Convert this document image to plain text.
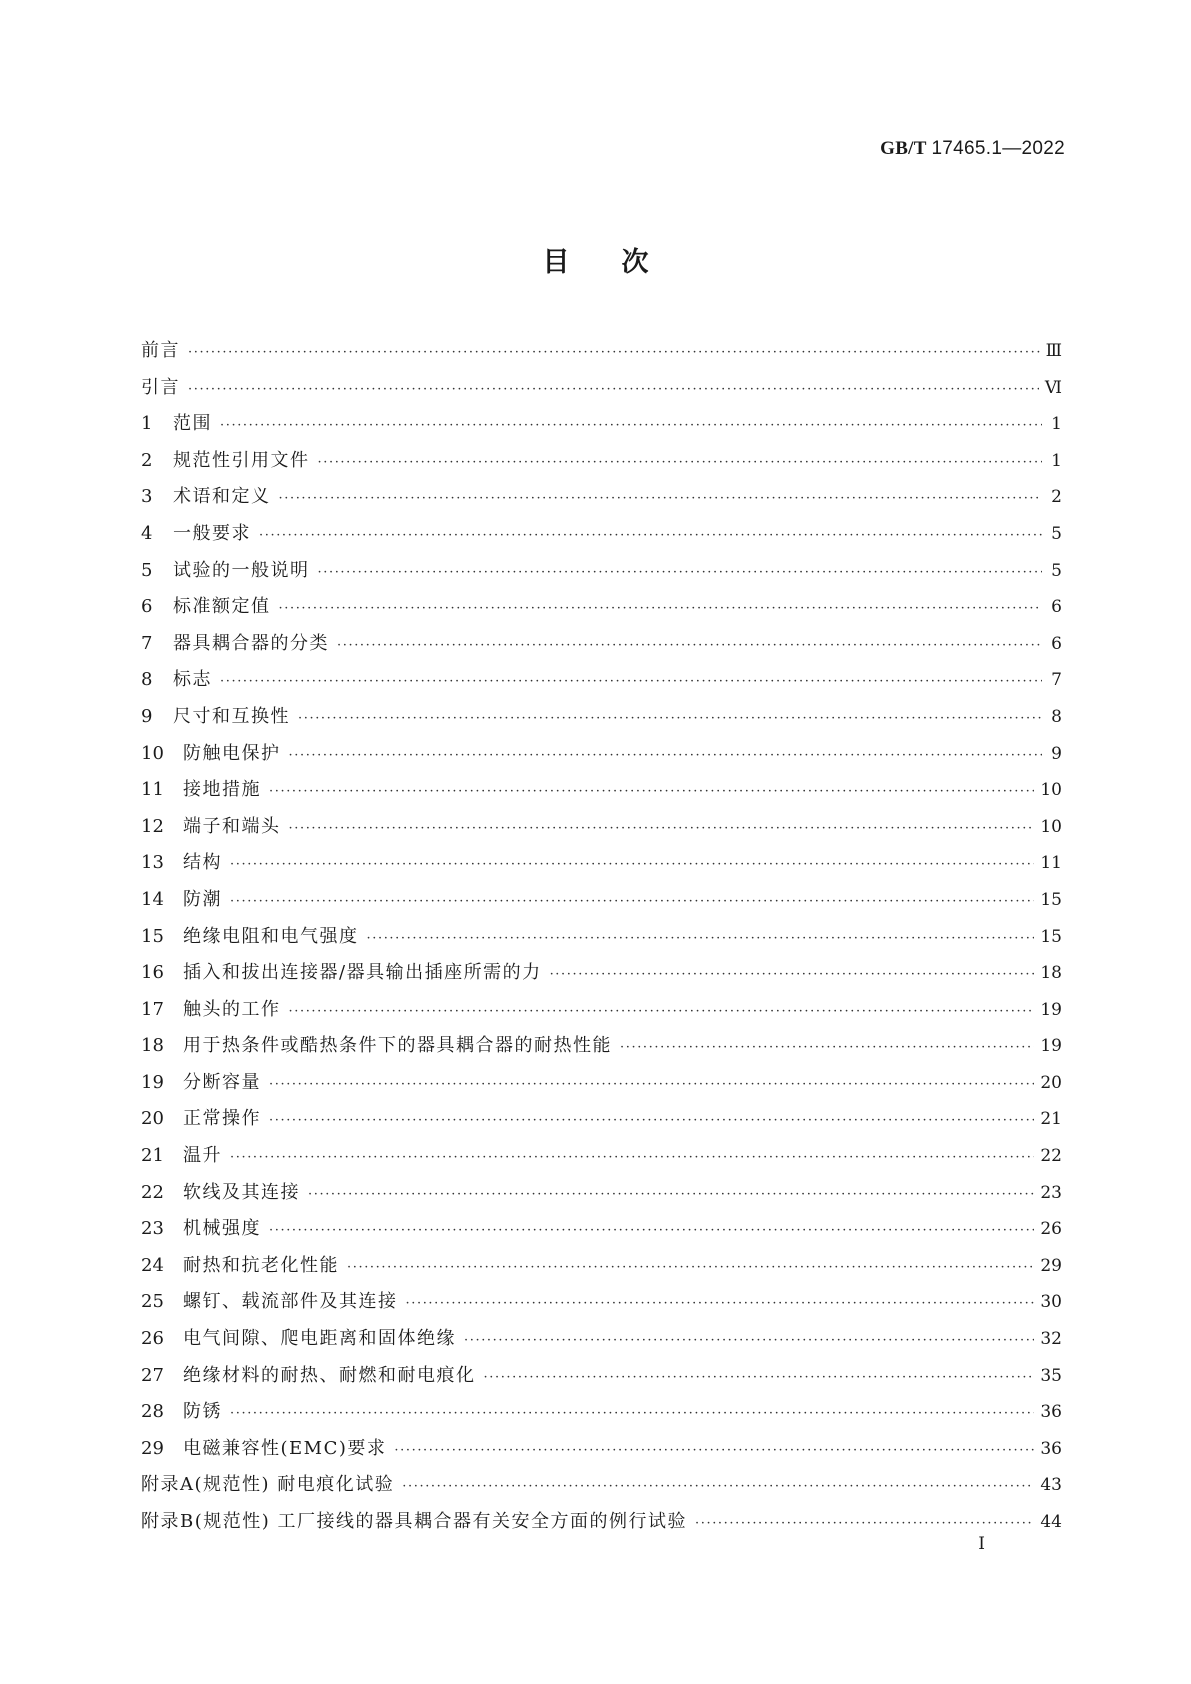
GB/T 17465.1—2022
目次
前言 ·····	Ⅲ
引言 ·····	Ⅵ
1	范围 ·····	1
2	规范性引用文件 ·····	1
3	术语和定义 ·····	2
4	一般要求 ·····	5
5	试验的一般说明 ·····	5
6	标准额定值 ·····	6
7	器具耦合器的分类 ·····	6
8	标志 ·····	7
9	尺寸和互换性 ·····	8
10	防触电保护 ·····	9
11	接地措施 ·····	10
12	端子和端头 ·····	10
13	结构 ·····	11
14	防潮 ·····	15
15	绝缘电阻和电气强度 ·····	15
16	插入和拔出连接器/器具输出插座所需的力 ·····	18
17	触头的工作 ·····	19
18	用于热条件或酷热条件下的器具耦合器的耐热性能 ·····	19
19	分断容量 ·····	20
20	正常操作 ·····	21
21	温升 ·····	22
22	软线及其连接 ·····	23
23	机械强度 ·····	26
24	耐热和抗老化性能 ·····	29
25	螺钉、载流部件及其连接 ·····	30
26	电气间隙、爬电距离和固体绝缘 ·····	32
27	绝缘材料的耐热、耐燃和耐电痕化 ·····	35
28	防锈 ·····	36
29	电磁兼容性(EMC)要求 ·····	36
附录A(规范性) 耐电痕化试验 ·····	43
附录B(规范性) 工厂接线的器具耦合器有关安全方面的例行试验 ·····	44
Ⅰ
